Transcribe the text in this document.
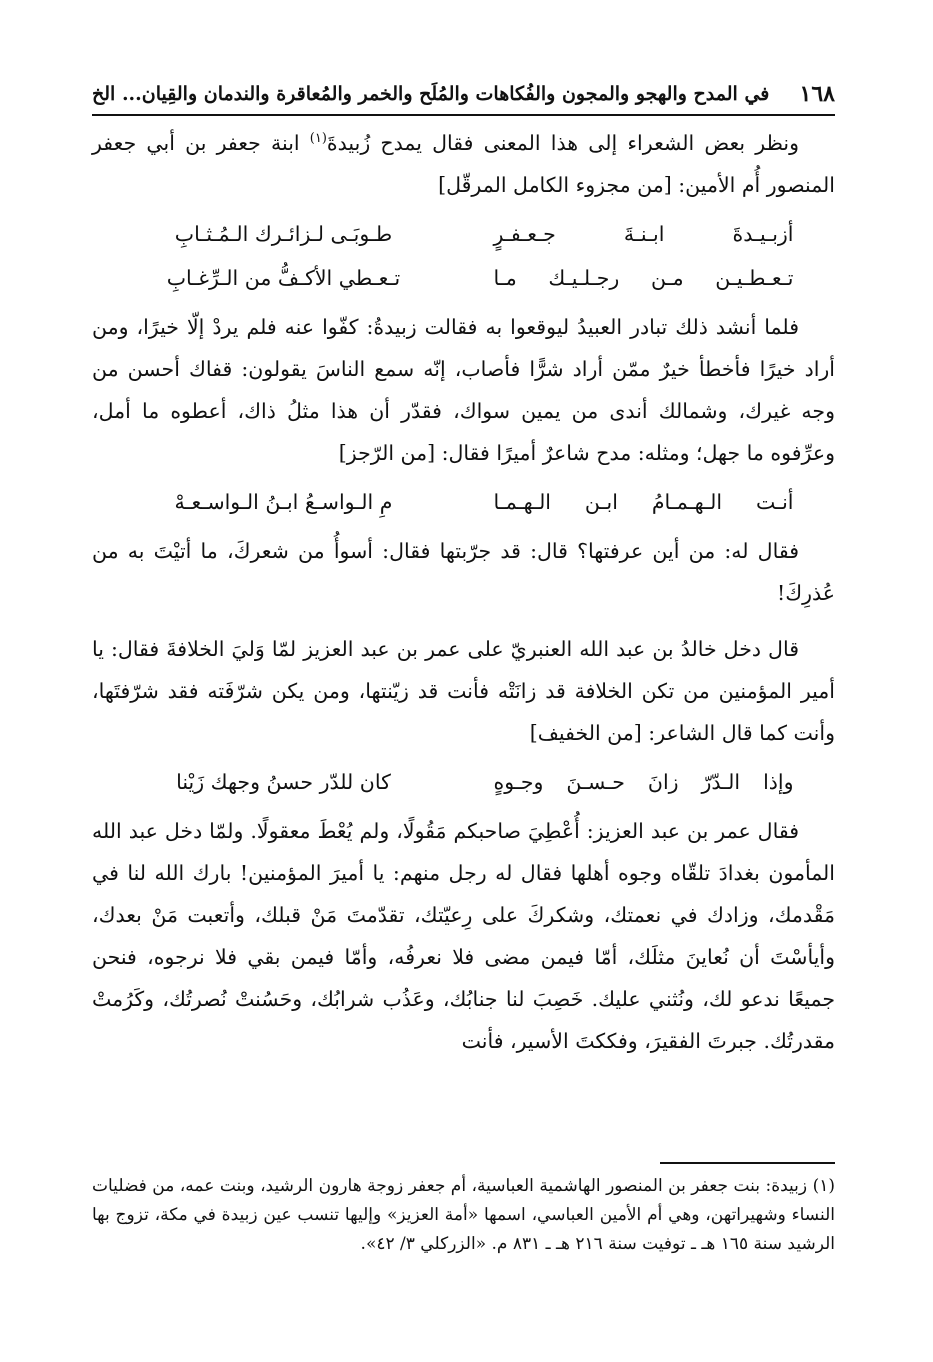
١٦٨
في المدح والهجو والمجون والفُكاهات والمُلَح والخمر والمُعاقرة والندمان والقِيان... الخ

ونظر بعض الشعراء إلى هذا المعنى فقال يمدح زُبيدةَ$^{(١)}$ ابنة جعفر بن أبي جعفر المنصور أُم الأمين: [من مجزوء الكامل المرقّل]

أزبـيـدةَ ابـنـةَ جـعـفـرٍ
طـوبَـى لـزائـرك الـمُـثـابِ
تـعـطـيـن مـن رجـلـيـك مـا
تـعـطي الأكـفُّ من الـرِّغـابِ

فلما أنشد ذلك تبادر العبيدُ ليوقعوا به فقالت زبيدةُ: كفّوا عنه فلم يردْ إلّا خيرًا، ومن أراد خيرًا فأخطأ خيرٌ ممّن أراد شرًّا فأصاب، إنّه سمع الناسَ يقولون: قفاك أحسن من وجه غيرك، وشمالك أندى من يمين سواك، فقدّر أن هذا مثلُ ذاك، أعطوه ما أمل، وعرِّفوه ما جهل؛ ومثله: مدح شاعرٌ أميرًا فقال: [من الرّجز]

أنـت الـهـمـامُ ابـن الـهـمـا
مِ الـواسـعُ ابـنُ الـواسـعـهْ

فقال له: من أين عرفتها؟ قال: قد جرّبتها فقال: أسوأُ من شعركَ، ما أتيْتَ به من عُذرِكَ!

قال دخل خالدُ بن عبد الله العنبريّ على عمر بن عبد العزيز لمّا وَليَ الخلافةَ فقال: يا أمير المؤمنين من تكن الخلافة قد زانَتْه فأنت قد زيّنتها، ومن يكن شرّفَته فقد شرّفتَها، وأنت كما قال الشاعر: [من الخفيف]

وإذا الـدّرّ زانَ حـسـنَ وجـوهٍ
كان للدّر حسنُ وجهك زَيْنا

فقال عمر بن عبد العزيز: أُعْطِيَ صاحبكم مَقُولًا، ولم يُعْطَ معقولًا. ولمّا دخل عبد الله المأمون بغدادَ تلقّاه وجوه أهلها فقال له رجل منهم: يا أميرَ المؤمنين! بارك الله لنا في مَقْدمك، وزادك في نعمتك، وشكركَ على رِعيّتك، تقدّمتَ مَنْ قبلك، وأتعبت مَنْ بعدك، وأيأسْتَ أن نُعاينَ مثلَك، أمّا فيمن مضى فلا نعرفُه، وأمّا فيمن بقي فلا نرجوه، فنحن جميعًا ندعو لك، ونُثني عليك. خَصِبَ لنا جنابُك، وعَذُب شرابُك، وحَسُنتْ نُصرتُك، وكَرُمتْ مقدرتُك. جبرتَ الفقيرَ، وفككتَ الأسير، فأنت

(١) زبيدة: بنت جعفر بن المنصور الهاشمية العباسية، أم جعفر زوجة هارون الرشيد، وبنت عمه، من فضليات النساء وشهيراتهن، وهي أم الأمين العباسي، اسمها «أمة العزيز» وإليها تنسب عين زبيدة في مكة، تزوج بها الرشيد سنة ١٦٥ هـ ـ توفيت سنة ٢١٦ هـ ـ ٨٣١ م. «الزركلي ٣/ ٤٢».
